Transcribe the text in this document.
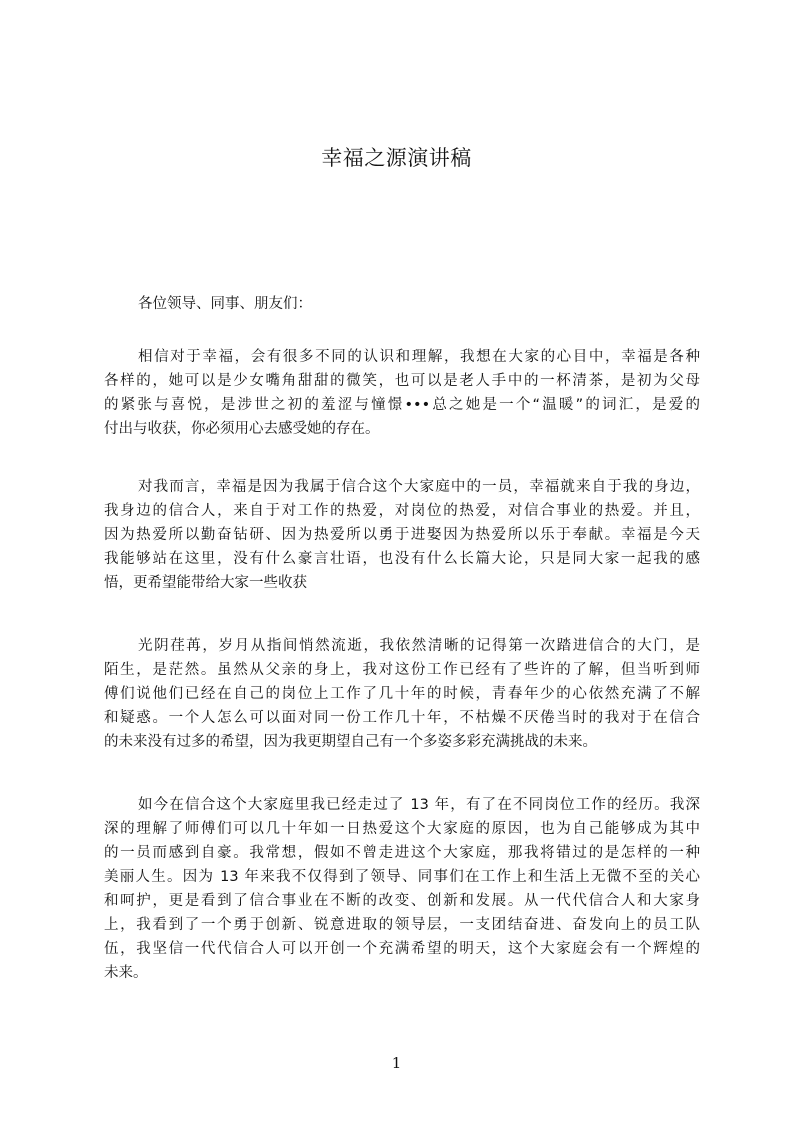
幸福之源演讲稿
各位领导、同事、朋友们：
相信对于幸福，会有很多不同的认识和理解，我想在大家的心目中，幸福是各种
各样的，她可以是少女嘴角甜甜的微笑，也可以是老人手中的一杯清茶，是初为父母
的紧张与喜悦，是涉世之初的羞涩与憧憬•••总之她是一个“温暖”的词汇，是爱的
付出与收获，你必须用心去感受她的存在。
对我而言，幸福是因为我属于信合这个大家庭中的一员，幸福就来自于我的身边，
我身边的信合人，来自于对工作的热爱，对岗位的热爱，对信合事业的热爱。并且，
因为热爱所以勤奋钻研、因为热爱所以勇于进娶因为热爱所以乐于奉献。幸福是今天
我能够站在这里，没有什么豪言壮语，也没有什么长篇大论，只是同大家一起我的感
悟，更希望能带给大家一些收获
光阴荏苒，岁月从指间悄然流逝，我依然清晰的记得第一次踏进信合的大门，是
陌生，是茫然。虽然从父亲的身上，我对这份工作已经有了些许的了解，但当听到师
傅们说他们已经在自己的岗位上工作了几十年的时候，青春年少的心依然充满了不解
和疑惑。一个人怎么可以面对同一份工作几十年，不枯燥不厌倦当时的我对于在信合
的未来没有过多的希望，因为我更期望自己有一个多姿多彩充满挑战的未来。
如今在信合这个大家庭里我已经走过了 13 年，有了在不同岗位工作的经历。我深
深的理解了师傅们可以几十年如一日热爱这个大家庭的原因，也为自己能够成为其中
的一员而感到自豪。我常想，假如不曾走进这个大家庭，那我将错过的是怎样的一种
美丽人生。因为 13 年来我不仅得到了领导、同事们在工作上和生活上无微不至的关心
和呵护，更是看到了信合事业在不断的改变、创新和发展。从一代代信合人和大家身
上，我看到了一个勇于创新、锐意进取的领导层，一支团结奋进、奋发向上的员工队
伍，我坚信一代代信合人可以开创一个充满希望的明天，这个大家庭会有一个辉煌的
未来。
1
